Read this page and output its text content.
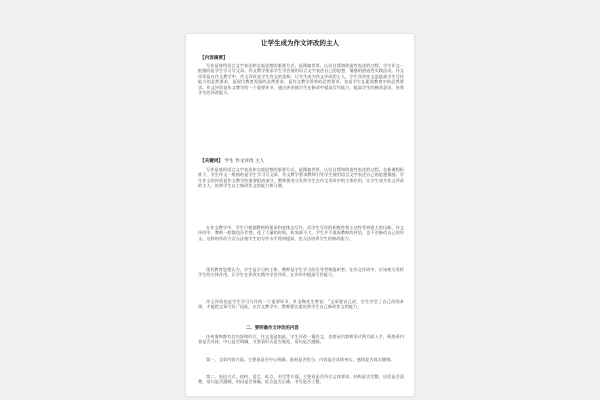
让学生成为作文评改的主人
【内容摘要】

写作是使用语言文字表达和交流思想的重要方式，是搜索世界、认识自我和创造性表述的过程。学生作文一般指的是学生学习写文章。作文教学要求学生学会使用语言文字表述自己的思想、情感的创造性实践活动。作文评改是在作文教学中，作文评改是学生作文的延伸。让学生成为作文评改的主人，学生评改作文是提高学生写作能力的必然要求，是现代教育发展的必然要求，是作文教学改革的必然要求，也是学生在素质教育中的必然要求。作文评改是作文教学的一个重要环节，通过评改使学生在修改中提高写作能力，提高学生的修改意识，培养学生的评改能力。

【关键词】 学生 作文评改 主人

写作是使用语言文字表达和交流思想的重要方式，是搜索世界、认识自我和创造性表述的过程。在新课程标准下，学生作文一般指的是学生学习写文章，作文教学要求教师引导学生使用语言文字表述自己的思想情感。学生作文的评改是作文教学的重要组成部分，教师要充分发挥学生在作文评改中的主体作用，让学生成为作文评改的主人，培养学生自主修改作文的能力和习惯。

在作文教学中，学生只根据教师的要求和安排去写作，而学生写作的积极性和主动性受到很大的压抑。作文评改中，教师一般都包办代替，花了大量的时间，收效却不大，学生并不重视教师的评语，也不会修改自己的作文。这样的评改方式无法使学生的写作水平得到提高，也无法培养学生的修改能力。

现代教育思想认为，学生是学习的主体，教师是学生学习的引导者和组织者。在作文评改中，应该充分发挥学生的主体作用，让学生在评改实践中学会评改，在评改中提高写作能力。

作文评改也是学生学习写作的一个重要环节。叶圣陶先生曾说：“文章要自己改，学生学会了自己改的本领，才能把文章写好。”因此，在作文教学中，教师要注重培养学生自己修改作文的能力。

二、要明确作文评改的内容

任何事物都有其内容和形式，作文也是如此。学生评改一篇作文，也要从内容和形式两方面入手，既要看内容是否具体、中心是否明确，又要看形式是否规范、语句是否通顺。

第一，文章内容方面。主要看是否中心明确、选材是否恰当、内容是否具体充实、感情是否真实健康。

第二，表达方式、结构、语言、标点、书写等方面。主要看是否符合文体要求，结构是否完整，层次是否清楚，语句是否通顺，用词是否准确，标点是否正确，书写是否工整。
